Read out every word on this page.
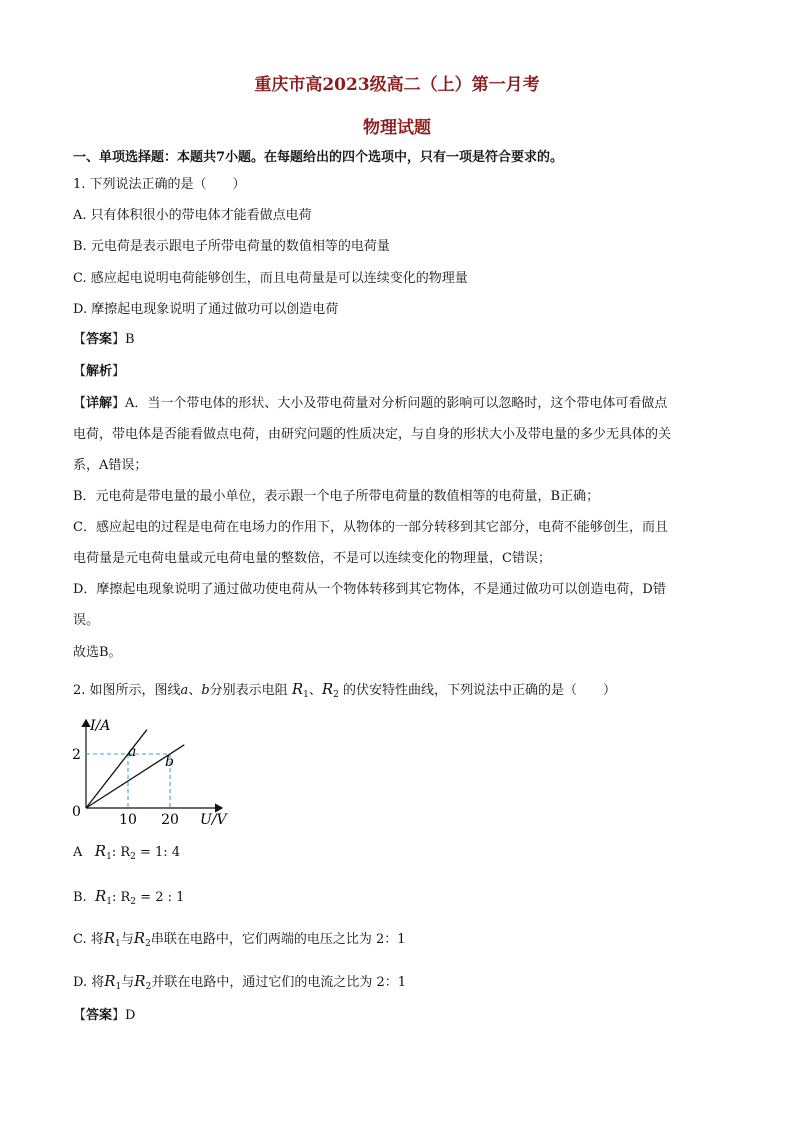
重庆市高2023级高二（上）第一月考
物理试题
一、单项选择题：本题共7小题。在每题给出的四个选项中，只有一项是符合要求的。
1. 下列说法正确的是（　　）
A. 只有体积很小的带电体才能看做点电荷
B. 元电荷是表示跟电子所带电荷量的数值相等的电荷量
C. 感应起电说明电荷能够创生，而且电荷量是可以连续变化的物理量
D. 摩擦起电现象说明了通过做功可以创造电荷
【答案】B
【解析】
【详解】A．当一个带电体的形状、大小及带电荷量对分析问题的影响可以忽略时，这个带电体可看做点
电荷，带电体是否能看做点电荷，由研究问题的性质决定，与自身的形状大小及带电量的多少无具体的关
系，A错误；
B．元电荷是带电量的最小单位，表示跟一个电子所带电荷量的数值相等的电荷量，B正确；
C．感应起电的过程是电荷在电场力的作用下，从物体的一部分转移到其它部分，电荷不能够创生，而且
电荷量是元电荷电量或元电荷电量的整数倍，不是可以连续变化的物理量，C错误；
D．摩擦起电现象说明了通过做功使电荷从一个物体转移到其它物体，不是通过做功可以创造电荷，D错
误。
故选B。
2. 如图所示，图线a、b分别表示电阻 $R_1$、$R_2$ 的伏安特性曲线，下列说法中正确的是（　　）
I/A
0
2
10 20 U/V
a
b
A $R_1$: $R_2 = 1$: 4
B. $R_1$: $R_2 = 2$ : 1
C. 将$R_1$与$R_2$串联在电路中，它们两端的电压之比为 2：1
D. 将$R_1$与$R_2$并联在电路中，通过它们的电流之比为 2：1
【答案】D
